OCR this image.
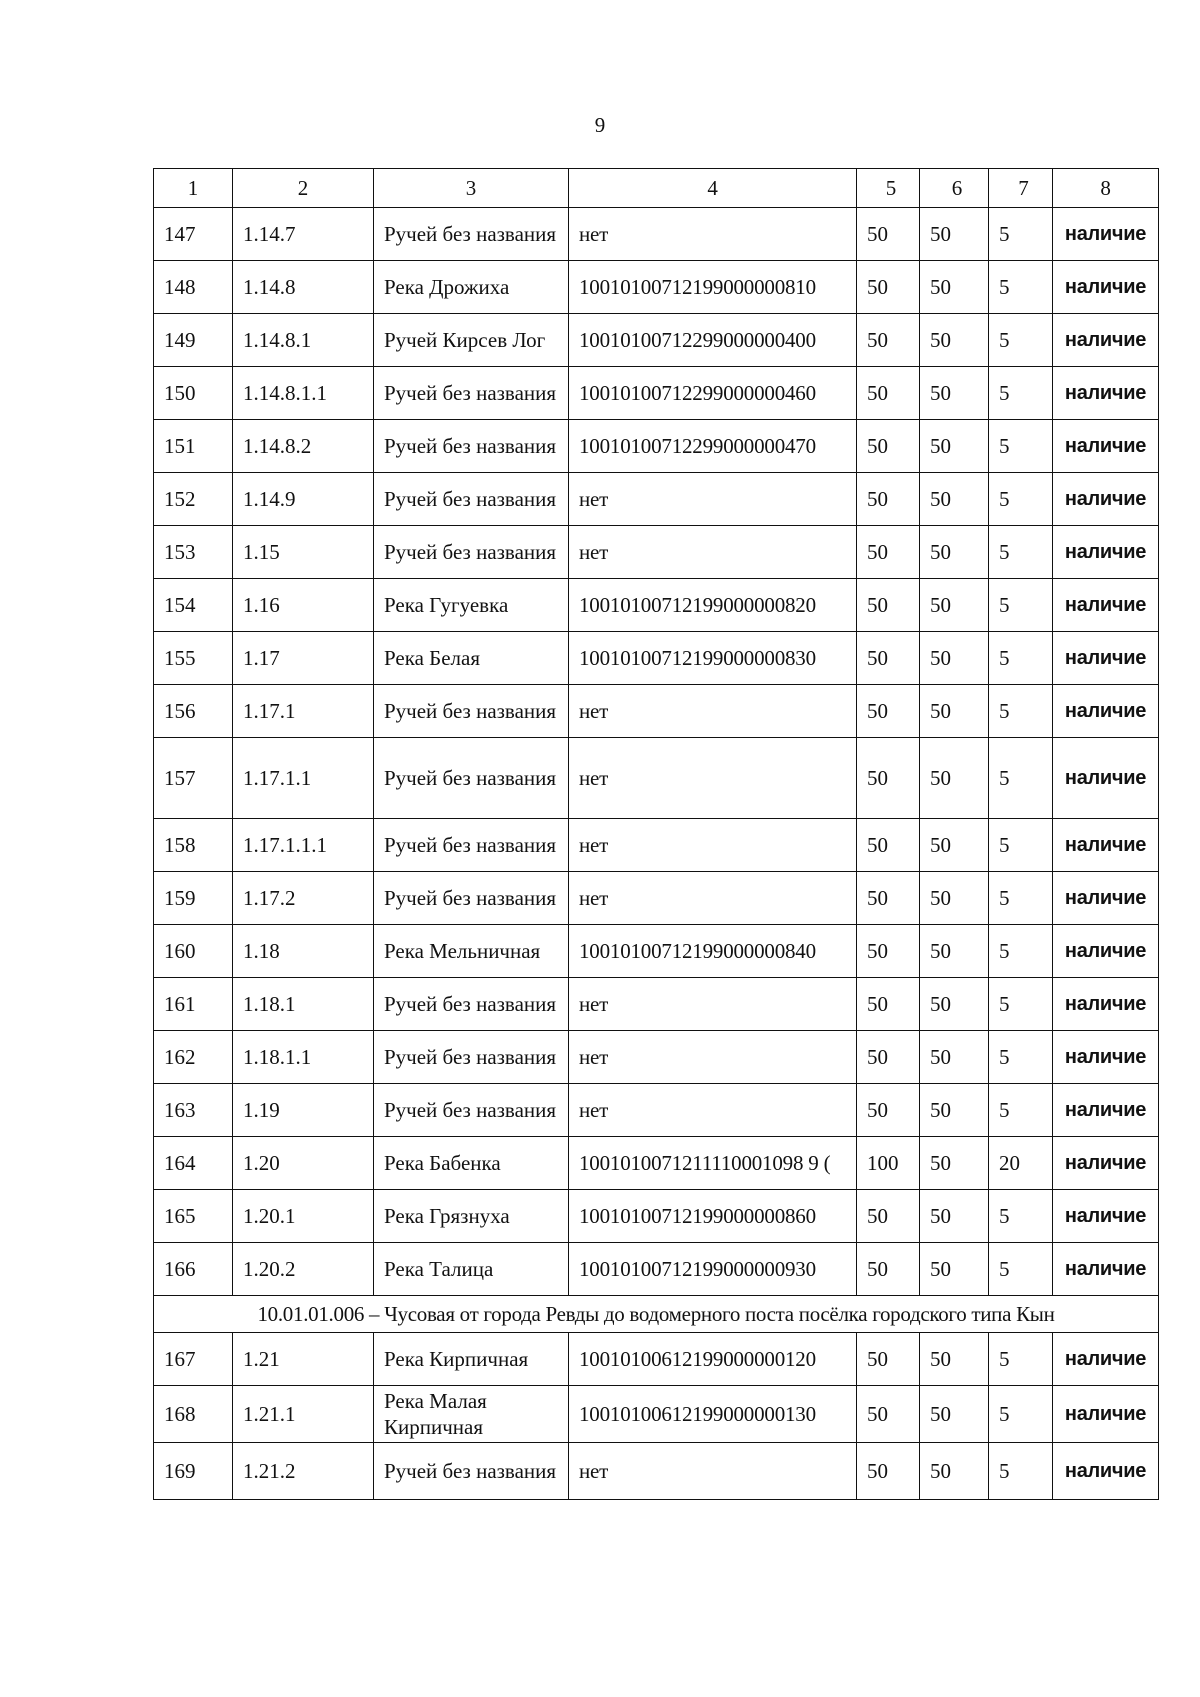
9
1	2	3	4	5	6	7	8
147	1.14.7	Ручей без названия	нет	50	50	5	наличие
148	1.14.8	Река Дрожиха	10010100712199000000810	50	50	5	наличие
149	1.14.8.1	Ручей Кирсев Лог	10010100712299000000400	50	50	5	наличие
150	1.14.8.1.1	Ручей без названия	10010100712299000000460	50	50	5	наличие
151	1.14.8.2	Ручей без названия	10010100712299000000470	50	50	5	наличие
152	1.14.9	Ручей без названия	нет	50	50	5	наличие
153	1.15	Ручей без названия	нет	50	50	5	наличие
154	1.16	Река Гугуевка	10010100712199000000820	50	50	5	наличие
155	1.17	Река Белая	10010100712199000000830	50	50	5	наличие
156	1.17.1	Ручей без названия	нет	50	50	5	наличие
157	1.17.1.1	Ручей без названия	нет	50	50	5	наличие
158	1.17.1.1.1	Ручей без названия	нет	50	50	5	наличие
159	1.17.2	Ручей без названия	нет	50	50	5	наличие
160	1.18	Река Мельничная	10010100712199000000840	50	50	5	наличие
161	1.18.1	Ручей без названия	нет	50	50	5	наличие
162	1.18.1.1	Ручей без названия	нет	50	50	5	наличие
163	1.19	Ручей без названия	нет	50	50	5	наличие
164	1.20	Река Бабенка	1001010071211110001098 9 (	100	50	20	наличие
165	1.20.1	Река Грязнуха	10010100712199000000860	50	50	5	наличие
166	1.20.2	Река Талица	10010100712199000000930	50	50	5	наличие
10.01.01.006 – Чусовая от города Ревды до водомерного поста посёлка городского типа Кын							
167	1.21	Река Кирпичная	10010100612199000000120	50	50	5	наличие
168	1.21.1	Река Малая Кирпичная	10010100612199000000130	50	50	5	наличие
169	1.21.2	Ручей без названия	нет	50	50	5	наличие
